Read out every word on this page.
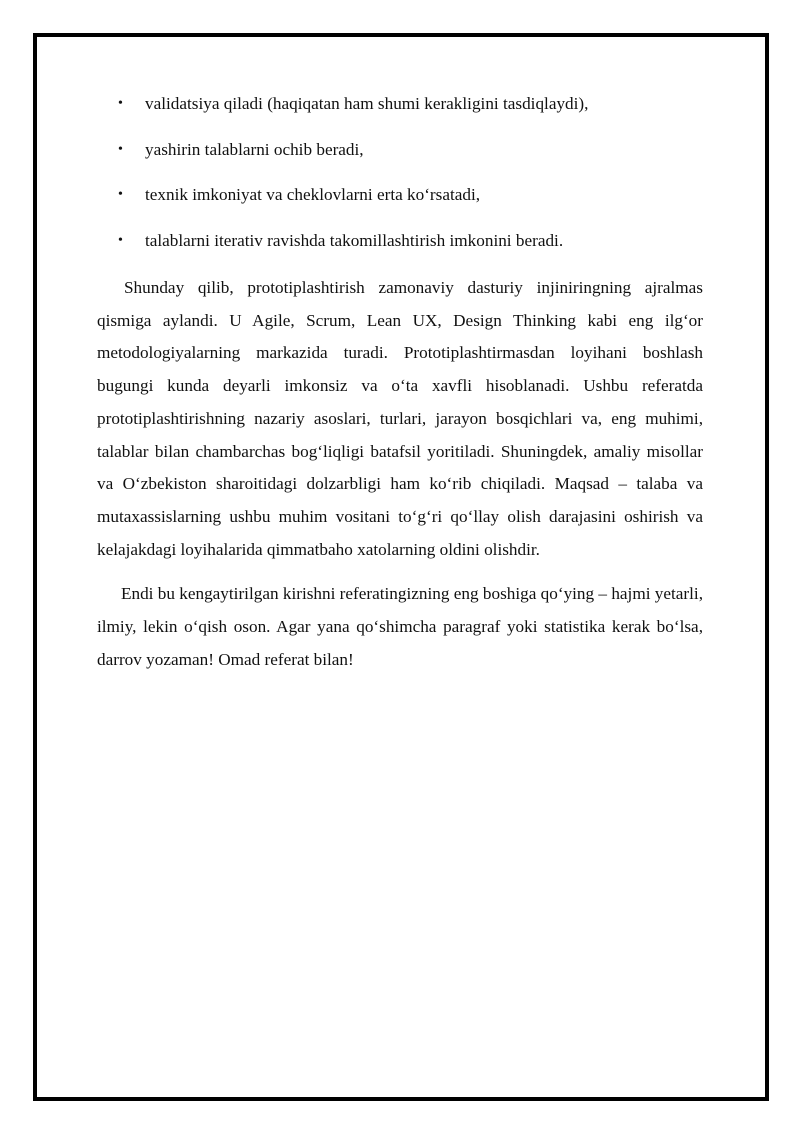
• validatsiya qiladi (haqiqatan ham shumi kerakligini tasdiqlaydi),
• yashirin talablarni ochib beradi,
• texnik imkoniyat va cheklovlarni erta ko‘rsatadi,
• talablarni iterativ ravishda takomillashtirish imkonini beradi.

Shunday qilib, prototiplashtirish zamonaviy dasturiy injiniringning ajralmas qismiga aylandi. U Agile, Scrum, Lean UX, Design Thinking kabi eng ilg‘or metodologiyalarning markazida turadi. Prototiplashtirmasdan loyihani boshlash bugungi kunda deyarli imkonsiz va o‘ta xavfli hisoblanadi. Ushbu referatda prototiplashtirishning nazariy asoslari, turlari, jarayon bosqichlari va, eng muhimi, talablar bilan chambarchas bog‘liqligi batafsil yoritiladi. Shuningdek, amaliy misollar va O‘zbekiston sharoitidagi dolzarbligi ham ko‘rib chiqiladi. Maqsad – talaba va mutaxassislarning ushbu muhim vositani to‘g‘ri qo‘llay olish darajasini oshirish va kelajakdagi loyihalarida qimmatbaho xatolarning oldini olishdir.

Endi bu kengaytirilgan kirishni referatingizning eng boshiga qo‘ying – hajmi yetarli, ilmiy, lekin o‘qish oson. Agar yana qoʻshimcha paragraf yoki statistika kerak boʻlsa, darrov yozaman! Omad referat bilan!
